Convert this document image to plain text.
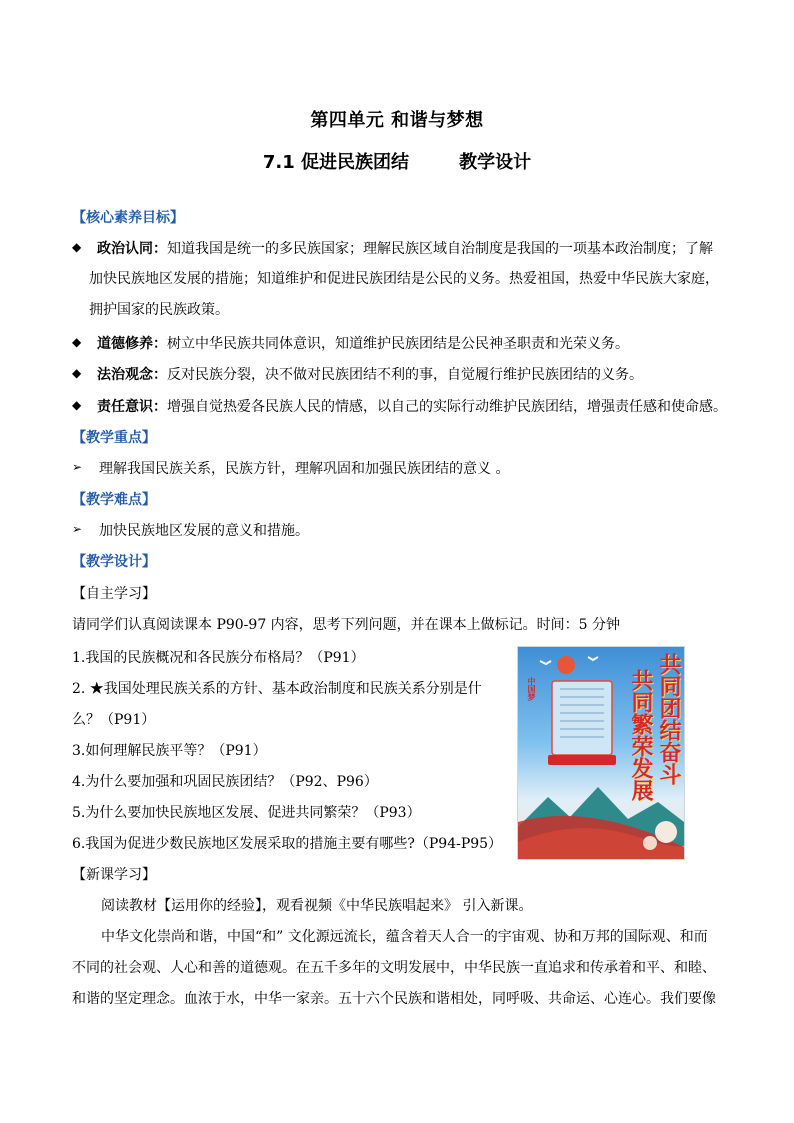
第四单元 和谐与梦想
7.1 促进民族团结        教学设计
【核心素养目标】
◆ 政治认同：知道我国是统一的多民族国家；理解民族区域自治制度是我国的一项基本政治制度；了解
加快民族地区发展的措施；知道维护和促进民族团结是公民的义务。热爱祖国，热爱中华民族大家庭，
拥护国家的民族政策。
◆ 道德修养：树立中华民族共同体意识，知道维护民族团结是公民神圣职责和光荣义务。
◆ 法治观念：反对民族分裂，决不做对民族团结不利的事，自觉履行维护民族团结的义务。
◆ 责任意识：增强自觉热爱各民族人民的情感，以自己的实际行动维护民族团结，增强责任感和使命感。
【教学重点】
➢ 理解我国民族关系，民族方针，理解巩固和加强民族团结的意义 。
【教学难点】
➢ 加快民族地区发展的意义和措施。
【教学设计】
【自主学习】
请同学们认真阅读课本 P90-97 内容，思考下列问题，并在课本上做标记。时间：5 分钟
1.我国的民族概况和各民族分布格局？（P91）
2. ★我国处理民族关系的方针、基本政治制度和民族关系分别是什
么？（P91）
3.如何理解民族平等？（P91）
4.为什么要加强和巩固民族团结？（P92、P96）
5.为什么要加快民族地区发展、促进共同繁荣？（P93）
6.我国为促进少数民族地区发展采取的措施主要有哪些?（P94-P95）
【新课学习】
阅读教材【运用你的经验】，观看视频《中华民族唱起来》 引入新课。
中华文化崇尚和谐，中国“和” 文化源远流长，蕴含着天人合一的宇宙观、协和万邦的国际观、和而
不同的社会观、人心和善的道德观。在五千多年的文明发展中，中华民族一直追求和传承着和平、和睦、
和谐的坚定理念。血浓于水，中华一家亲。五十六个民族和谐相处，同呼吸、共命运、心连心。我们要像
中国梦	共同团结奋斗
共同繁荣发展
